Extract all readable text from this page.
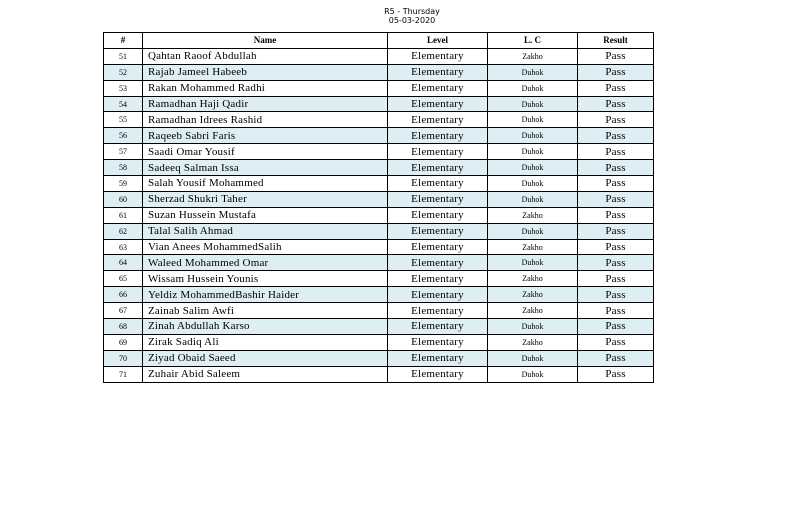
R5 - Thursday
05-03-2020
#	Name	Level	L. C	Result
51	Qahtan Raoof Abdullah	Elementary	Zakho	Pass
52	Rajab Jameel Habeeb	Elementary	Duhok	Pass
53	Rakan Mohammed Radhi	Elementary	Duhok	Pass
54	Ramadhan Haji Qadir	Elementary	Duhok	Pass
55	Ramadhan Idrees Rashid	Elementary	Duhok	Pass
56	Raqeeb Sabri Faris	Elementary	Duhok	Pass
57	Saadi Omar Yousif	Elementary	Duhok	Pass
58	Sadeeq Salman Issa	Elementary	Duhok	Pass
59	Salah Yousif Mohammed	Elementary	Duhok	Pass
60	Sherzad Shukri Taher	Elementary	Duhok	Pass
61	Suzan Hussein Mustafa	Elementary	Zakho	Pass
62	Talal Salih Ahmad	Elementary	Duhok	Pass
63	Vian Anees MohammedSalih	Elementary	Zakho	Pass
64	Waleed Mohammed Omar	Elementary	Duhok	Pass
65	Wissam Hussein Younis	Elementary	Zakho	Pass
66	Yeldiz MohammedBashir Haider	Elementary	Zakho	Pass
67	Zainab Salim Awfi	Elementary	Zakho	Pass
68	Zinah Abdullah Karso	Elementary	Duhok	Pass
69	Zirak Sadiq Ali	Elementary	Zakho	Pass
70	Ziyad Obaid Saeed	Elementary	Duhok	Pass
71	Zuhair Abid Saleem	Elementary	Duhok	Pass
